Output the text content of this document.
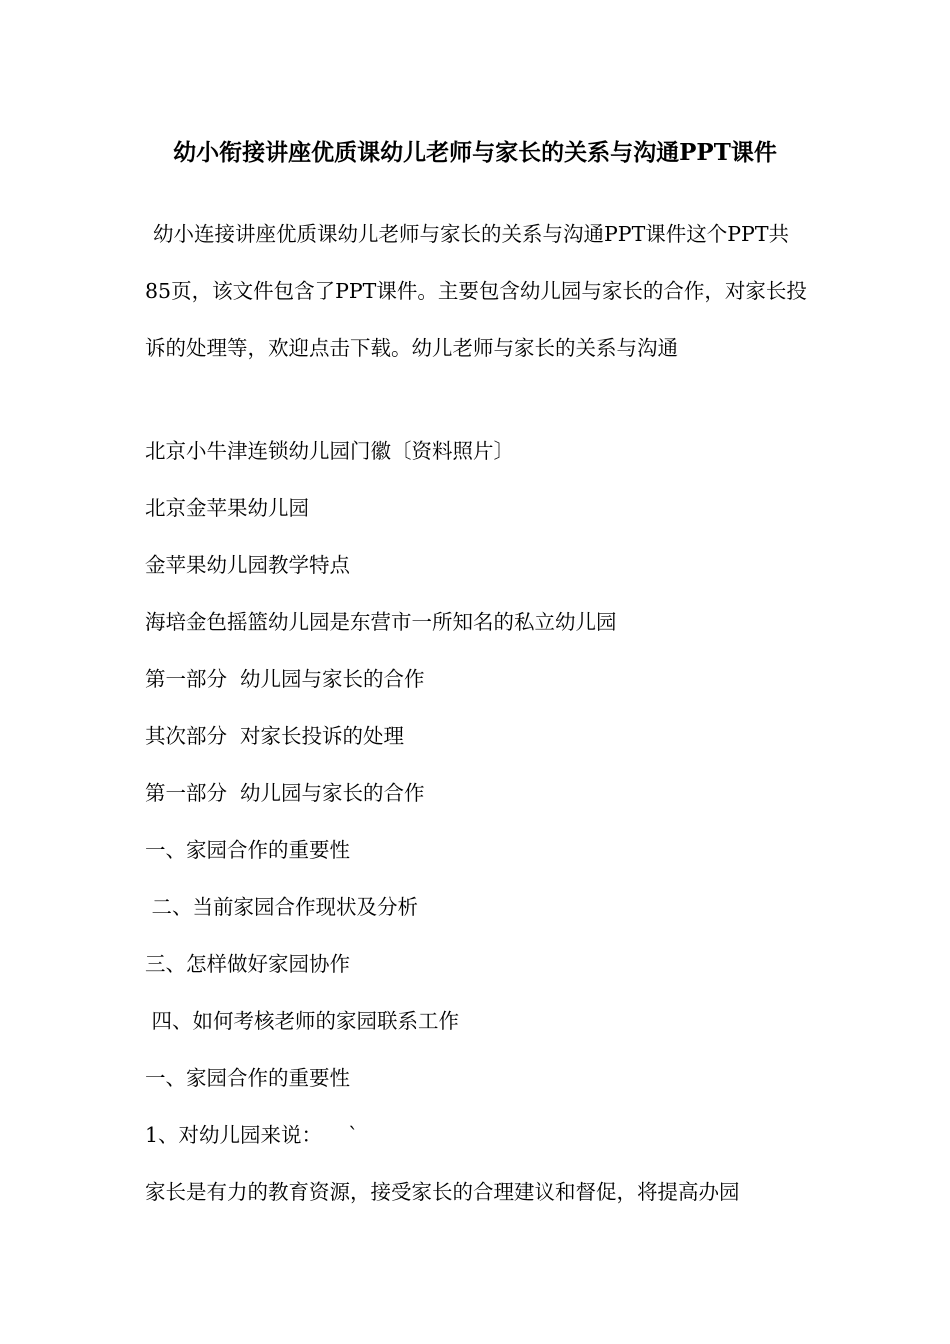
幼小衔接讲座优质课幼儿老师与家长的关系与沟通PPT课件

幼小连接讲座优质课幼儿老师与家长的关系与沟通PPT课件这个PPT共85页，该文件包含了PPT课件。主要包含幼儿园与家长的合作，对家长投诉的处理等，欢迎点击下载。幼儿老师与家长的关系与沟通

北京小牛津连锁幼儿园门徽〔资料照片〕

北京金苹果幼儿园

金苹果幼儿园教学特点

海培金色摇篮幼儿园是东营市一所知名的私立幼儿园

第一部分  幼儿园与家长的合作

其次部分  对家长投诉的处理

第一部分  幼儿园与家长的合作

一、家园合作的重要性

二、当前家园合作现状及分析

三、怎样做好家园协作

四、如何考核老师的家园联系工作

一、家园合作的重要性

1、对幼儿园来说：    `

家长是有力的教育资源，接受家长的合理建议和督促，将提高办园
